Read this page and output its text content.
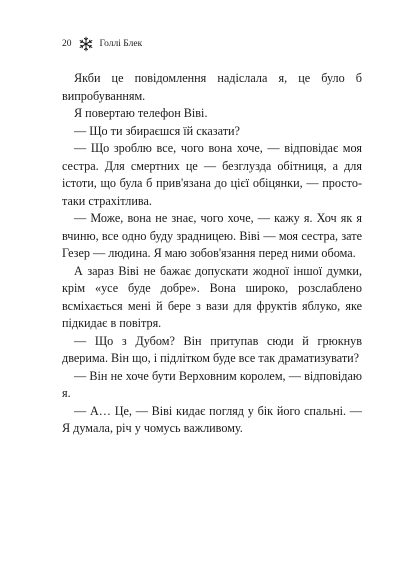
20	Голлі Блек

Якби це повідомлення надіслала я, це було б випробуванням.

Я повертаю телефон Віві.

— Що ти збираєшся їй сказати?

— Що зроблю все, чого вона хоче, — відповідає моя сестра. Для смертних це — безглузда обітниця, а для істоти, що була б прив'язана до цієї обіцянки, — просто-таки страхітлива.

— Може, вона не знає, чого хоче, — кажу я. Хоч як я вчиню, все одно буду зрадницею. Віві — моя сестра, зате Гезер — людина. Я маю зобов'язання перед ними обома.

А зараз Віві не бажає допускати жодної іншої думки, крім «усе буде добре». Вона широко, розслаблено всміхається мені й бере з вази для фруктів яблуко, яке підкидає в повітря.

— Що з Дубом? Він притупав сюди й грюкнув дверима. Він що, і підлітком буде все так драматизувати?

— Він не хоче бути Верховним королем, — відповідаю я.

— А… Це, — Віві кидає погляд у бік його спальні. — Я думала, річ у чомусь важливому.
